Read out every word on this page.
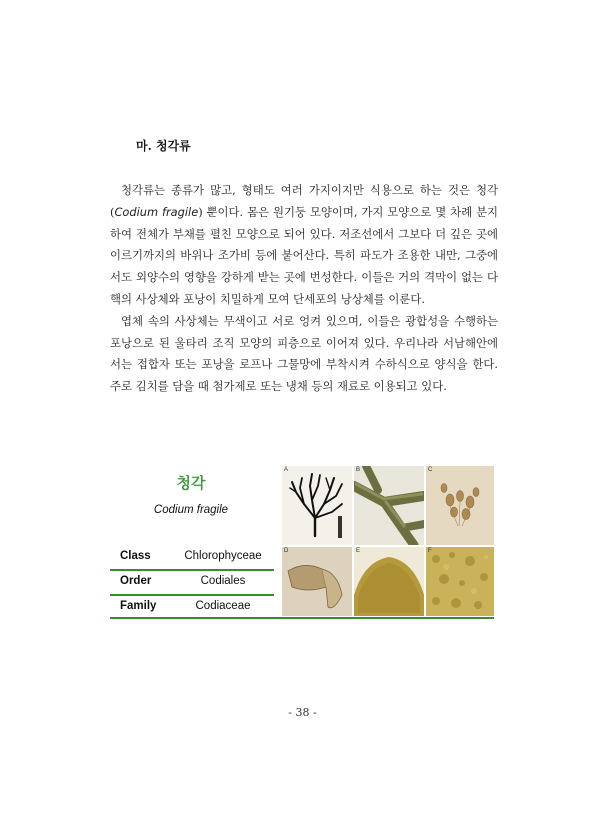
마. 청각류

청각류는 종류가 많고, 형태도 여러 가지이지만 식용으로 하는 것은 청각(Codium fragile) 뿐이다. 몸은 원기둥 모양이며, 가지 모양으로 몇 차례 분지하여 전체가 부채를 펼친 모양으로 되어 있다. 저조선에서 그보다 더 깊은 곳에 이르기까지의 바위나 조가비 등에 붙어산다. 특히 파도가 조용한 내만, 그중에서도 외양수의 영향을 강하게 받는 곳에 번성한다. 이들은 거의 격막이 없는 다핵의 사상체와 포낭이 치밀하게 모여 단세포의 낭상체를 이룬다.

엽체 속의 사상체는 무색이고 서로 엉켜 있으며, 이들은 광합성을 수행하는 포낭으로 된 울타리 조직 모양의 피층으로 이어져 있다. 우리나라 서남해안에서는 접합자 또는 포낭을 로프나 그물망에 부착시켜 수하식으로 양식을 한다. 주로 김치를 담을 때 첨가제로 또는 냉채 등의 재료로 이용되고 있다.

청각
Codium fragile
Class	Chlorophyceae
Order	Codiales
Family	Codiaceae
A	B	C
D	E	F
- 38 -
